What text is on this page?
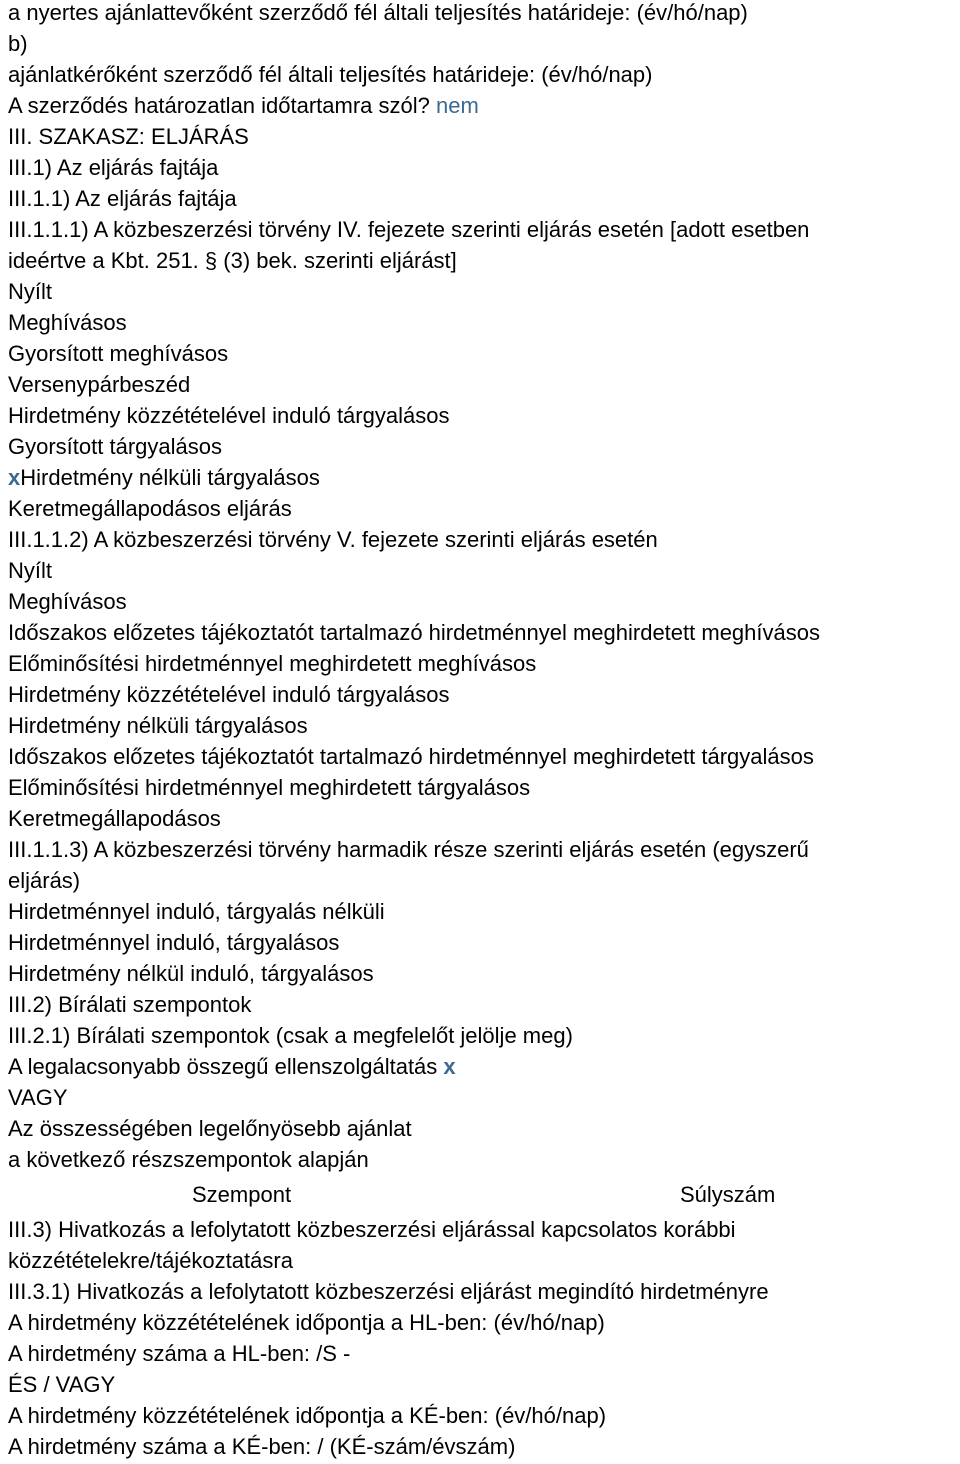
a nyertes ajánlattevőként szerződő fél általi teljesítés határideje: (év/hó/nap)
b)
ajánlatkérőként szerződő fél általi teljesítés határideje: (év/hó/nap)
A szerződés határozatlan időtartamra szól? nem
III. SZAKASZ: ELJÁRÁS
III.1) Az eljárás fajtája
III.1.1) Az eljárás fajtája
III.1.1.1) A közbeszerzési törvény IV. fejezete szerinti eljárás esetén [adott esetben
ideértve a Kbt. 251. § (3) bek. szerinti eljárást]
Nyílt
Meghívásos
Gyorsított meghívásos
Versenypárbeszéd
Hirdetmény közzétételével induló tárgyalásos
Gyorsított tárgyalásos
xHirdetmény nélküli tárgyalásos
Keretmegállapodásos eljárás
III.1.1.2) A közbeszerzési törvény V. fejezete szerinti eljárás esetén
Nyílt
Meghívásos
Időszakos előzetes tájékoztatót tartalmazó hirdetménnyel meghirdetett meghívásos
Előminősítési hirdetménnyel meghirdetett meghívásos
Hirdetmény közzétételével induló tárgyalásos
Hirdetmény nélküli tárgyalásos
Időszakos előzetes tájékoztatót tartalmazó hirdetménnyel meghirdetett tárgyalásos
Előminősítési hirdetménnyel meghirdetett tárgyalásos
Keretmegállapodásos
III.1.1.3) A közbeszerzési törvény harmadik része szerinti eljárás esetén (egyszerű
eljárás)
Hirdetménnyel induló, tárgyalás nélküli
Hirdetménnyel induló, tárgyalásos
Hirdetmény nélkül induló, tárgyalásos
III.2) Bírálati szempontok
III.2.1) Bírálati szempontok (csak a megfelelőt jelölje meg)
A legalacsonyabb összegű ellenszolgáltatás x
VAGY
Az összességében legelőnyösebb ajánlat
a következő részszempontok alapján
Szempont	Súlyszám
III.3) Hivatkozás a lefolytatott közbeszerzési eljárással kapcsolatos korábbi
közzétételekre/tájékoztatásra
III.3.1) Hivatkozás a lefolytatott közbeszerzési eljárást megindító hirdetményre
A hirdetmény közzétételének időpontja a HL-ben: (év/hó/nap)
A hirdetmény száma a HL-ben: /S -
ÉS / VAGY
A hirdetmény közzétételének időpontja a KÉ-ben: (év/hó/nap)
A hirdetmény száma a KÉ-ben: / (KÉ-szám/évszám)
